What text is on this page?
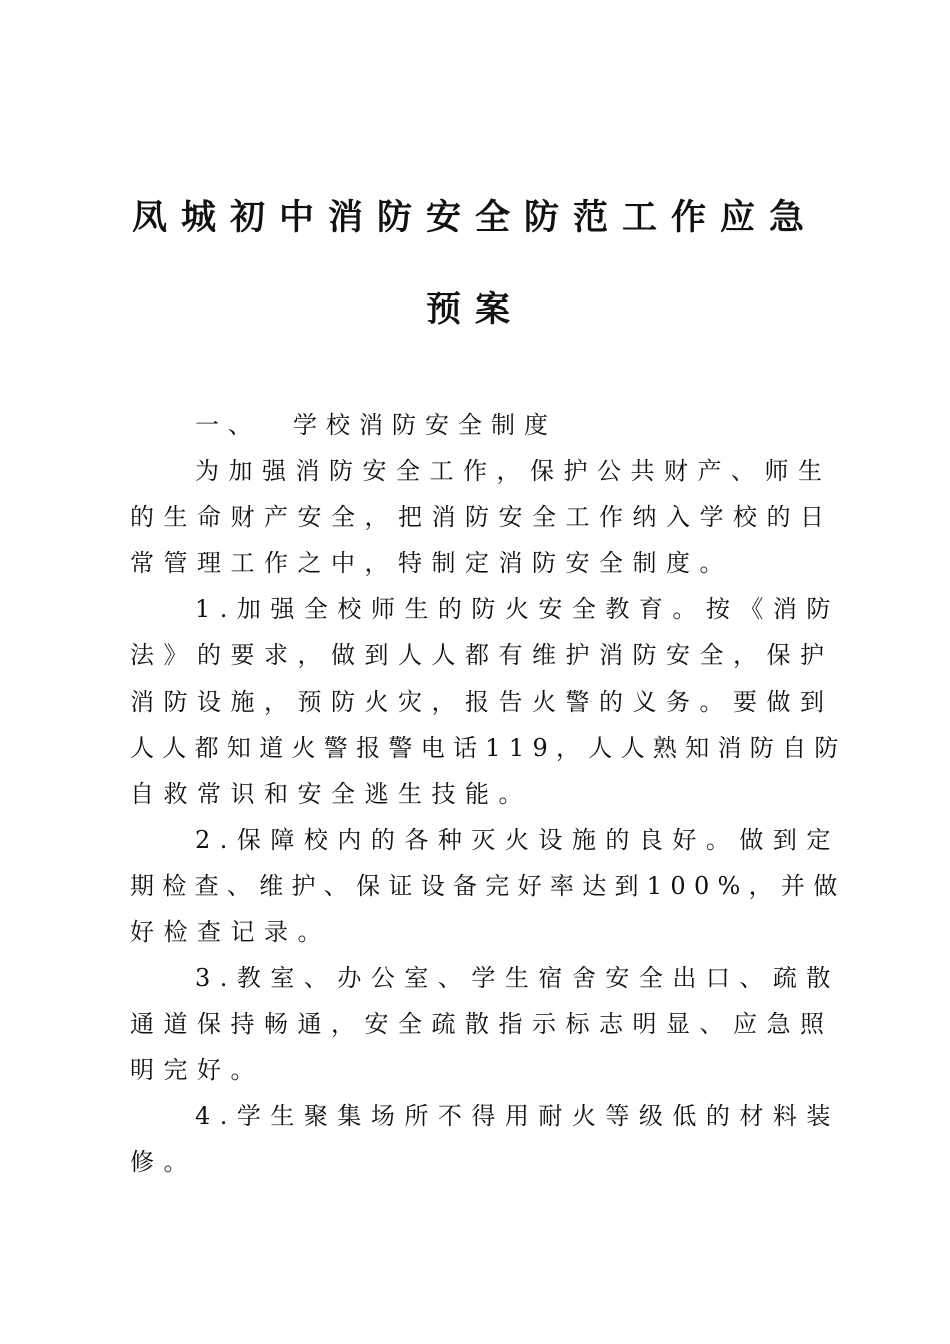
凤城初中消防安全防范工作应急
预案
一、 学校消防安全制度
为加强消防安全工作，保护公共财产、师生
的生命财产安全，把消防安全工作纳入学校的日
常管理工作之中，特制定消防安全制度。
1.加强全校师生的防火安全教育。按《消防
法》的要求，做到人人都有维护消防安全，保护
消防设施，预防火灾，报告火警的义务。要做到
人人都知道火警报警电话119，人人熟知消防自防
自救常识和安全逃生技能。
2.保障校内的各种灭火设施的良好。做到定
期检查、维护、保证设备完好率达到100%，并做
好检查记录。
3.教室、办公室、学生宿舍安全出口、疏散
通道保持畅通，安全疏散指示标志明显、应急照
明完好。
4.学生聚集场所不得用耐火等级低的材料装
修。
